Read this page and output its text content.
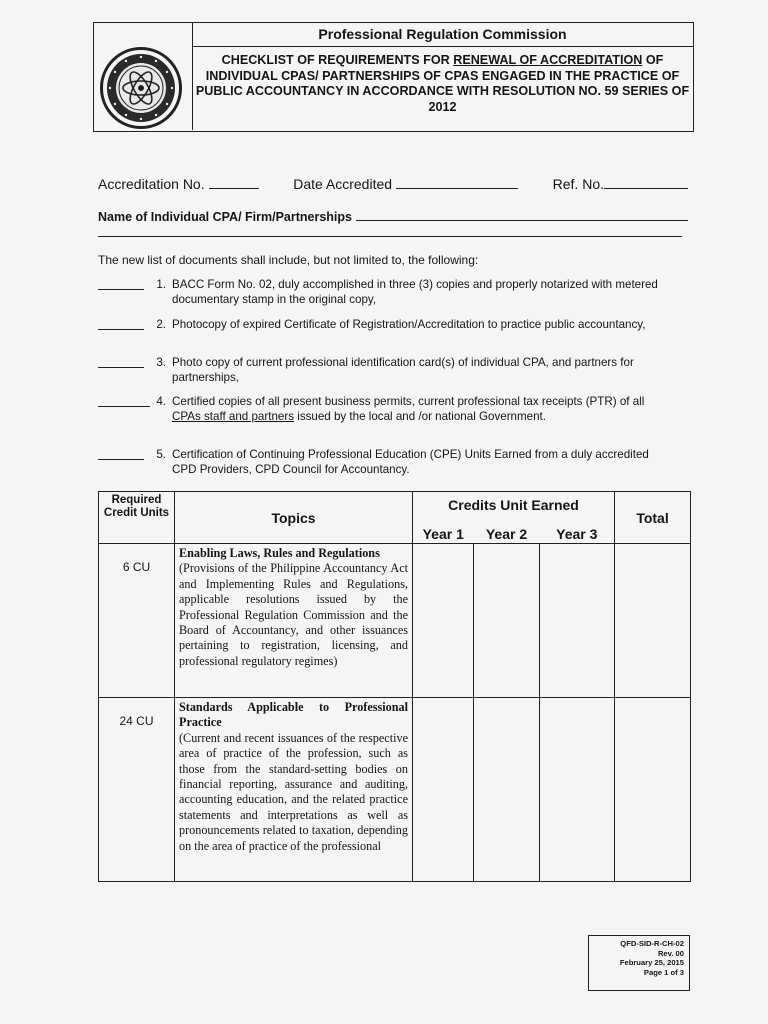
Professional Regulation Commission
CHECKLIST OF REQUIREMENTS FOR RENEWAL OF ACCREDITATION OF INDIVIDUAL CPAS/ PARTNERSHIPS OF CPAS ENGAGED IN THE PRACTICE OF PUBLIC ACCOUNTANCY IN ACCORDANCE WITH RESOLUTION NO. 59 SERIES OF 2012
Accreditation No.	Date Accredited	Ref. No.
Name of Individual CPA/ Firm/Partnerships
The new list of documents shall include, but not limited to, the following:
1. BACC Form No. 02, duly accomplished in three (3) copies and properly notarized with metered documentary stamp in the original copy,
2. Photocopy of expired Certificate of Registration/Accreditation to practice public accountancy,
3. Photo copy of current professional identification card(s) of individual CPA, and partners for partnerships,
4. Certified copies of all present business permits, current professional tax receipts (PTR) of all CPAs staff and partners issued by the local and /or national Government.
5. Certification of Continuing Professional Education (CPE) Units Earned from a duly accredited CPD Providers, CPD Council for Accountancy.
Required Credit Units	Topics	Credits Unit Earned			Total
		Year 1	Year 2	Year 3	
6 CU	Enabling Laws, Rules and Regulations
(Provisions of the Philippine Accountancy Act and Implementing Rules and Regulations, applicable resolutions issued by the Professional Regulation Commission and the Board of Accountancy, and other issuances pertaining to registration, licensing, and professional regulatory regimes)				

24 CU	Standards Applicable to Professional Practice
(Current and recent issuances of the respective area of practice of the profession, such as those from the standard-setting bodies on financial reporting, assurance and auditing, accounting education, and the related practice statements and interpretations as well as pronouncements related to taxation, depending on the area of practice of the professional				

QFD-SID-R-CH-02
Rev. 00
February 25, 2015
Page 1 of 3
